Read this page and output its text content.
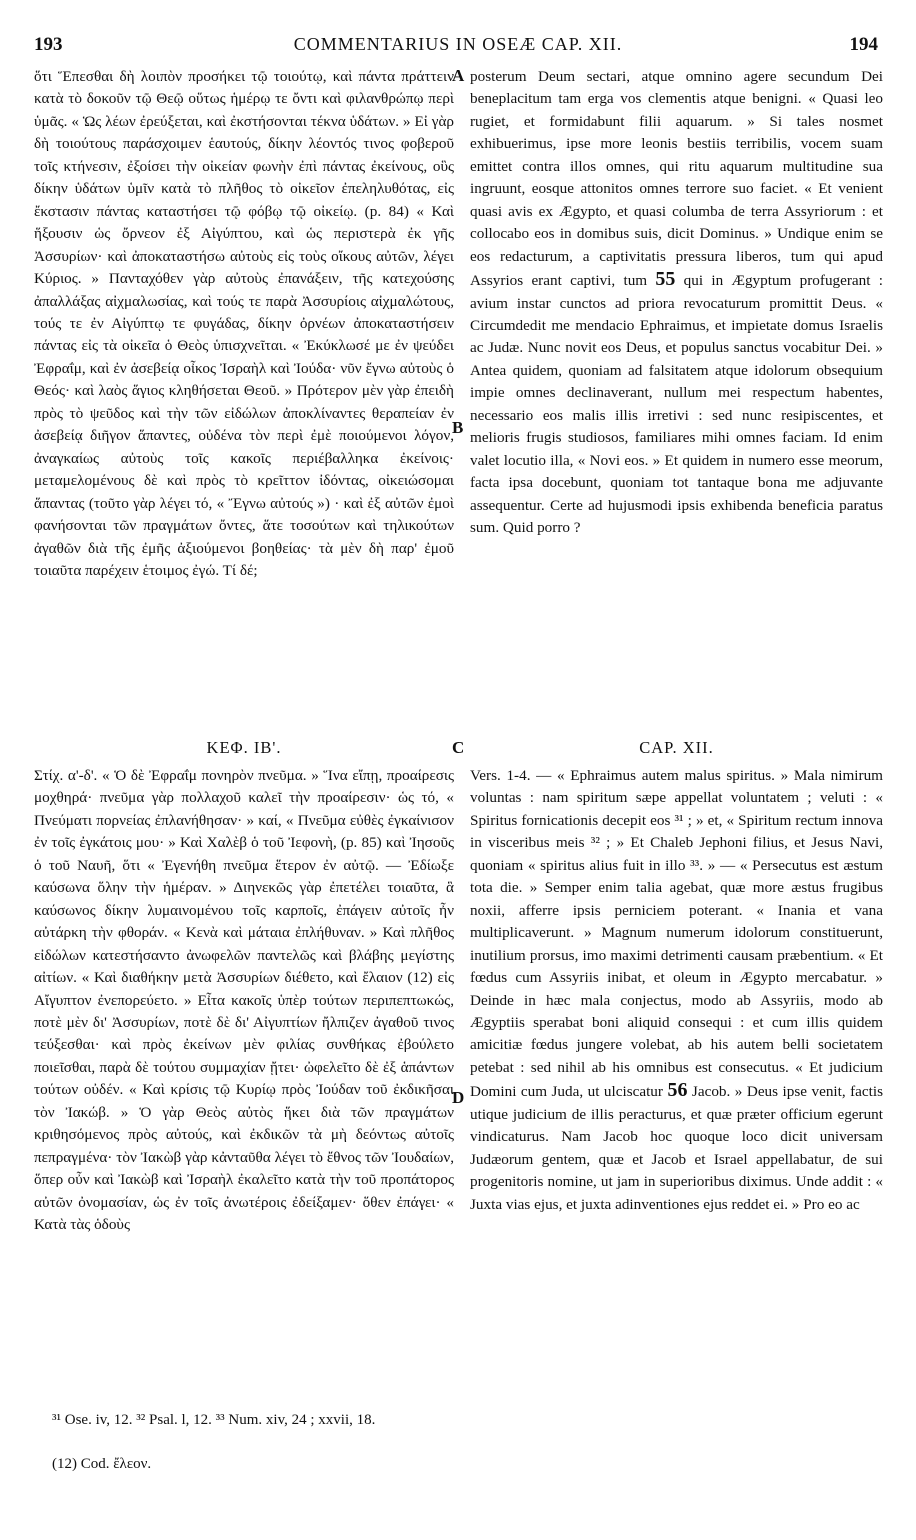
193	COMMENTARIUS IN OSEÆ CAP. XII.	194

ὅτι Ἕπεσθαι δὴ λοιπὸν προσήκει τῷ τοιούτῳ, καὶ πάντα πράττειν κατὰ τὸ δοκοῦν τῷ Θεῷ οὕτως ἡμέρῳ τε ὄντι καὶ φιλανθρώπῳ περὶ ὑμᾶς. « Ὡς λέων ἐρεύξεται, καὶ ἐκστήσονται τέκνα ὑδάτων. » Εἰ γὰρ δὴ τοιούτους παράσχοιμεν ἑαυτούς, δίκην λέοντός τινος φοβεροῦ τοῖς κτήνεσιν, ἐξοίσει τὴν οἰκείαν φωνὴν ἐπὶ πάντας ἐκείνους, οὓς δίκην ὑδάτων ὑμῖν κατὰ τὸ πλῆθος τὸ οἰκεῖον ἐπεληλυθότας, εἰς ἔκστασιν πάντας καταστήσει τῷ φόβῳ τῷ οἰκείῳ. (p. 84) « Καὶ ἥξουσιν ὡς ὄρνεον ἐξ Αἰγύπτου, καὶ ὡς περιστερὰ ἐκ γῆς Ἀσσυρίων· καὶ ἀποκαταστήσω αὐτοὺς εἰς τοὺς οἴκους αὐτῶν, λέγει Κύριος. » Πανταχόθεν γὰρ αὐτοὺς ἐπανάξειν, τῆς κατεχούσης ἀπαλλάξας αἰχμαλωσίας, καὶ τούς τε παρὰ Ἀσσυρίοις αἰχμαλώτους, τούς τε ἐν Αἰγύπτῳ τε φυγάδας, δίκην ὀρνέων ἀποκαταστήσειν πάντας εἰς τὰ οἰκεῖα ὁ Θεὸς ὑπισχνεῖται. « Ἐκύκλωσέ με ἐν ψεύδει Ἐφραΐμ, καὶ ἐν ἀσεβείᾳ οἶκος Ἰσραὴλ καὶ Ἰούδα· νῦν ἔγνω αὐτοὺς ὁ Θεός· καὶ λαὸς ἅγιος κληθήσεται Θεοῦ. » Πρότερον μὲν γὰρ ἐπειδὴ πρὸς τὸ ψεῦδος καὶ τὴν τῶν εἰδώλων ἀποκλίναντες θεραπείαν ἐν ἀσεβείᾳ διῆγον ἅπαντες, οὐδένα τὸν περὶ ἐμὲ ποιούμενοι λόγον, ἀναγκαίως αὐτοὺς τοῖς κακοῖς περιέβαλληκα ἐκείνοις· μεταμελομένους δὲ καὶ πρὸς τὸ κρεῖττον ἰδόντας, οἰκειώσομαι ἅπαντας (τοῦτο γὰρ λέγει τό, « Ἔγνω αὐτούς ») · καὶ ἐξ αὐτῶν ἐμοὶ φανήσονται τῶν πραγμάτων ὄντες, ἅτε τοσούτων καὶ τηλικούτων ἀγαθῶν διὰ τῆς ἐμῆς ἀξιούμενοι βοηθείας· τὰ μὲν δὴ παρ' ἐμοῦ τοιαῦτα παρέχειν ἑτοιμος ἐγώ. Τί δέ;

posterum Deum sectari, atque omnino agere secundum Dei beneplacitum tam erga vos clementis atque benigni. « Quasi leo rugiet, et formidabunt filii aquarum. » Si tales nosmet exhibuerimus, ipse more leonis bestiis terribilis, vocem suam emittet contra illos omnes, qui ritu aquarum multitudine sua ingruunt, eosque attonitos omnes terrore suo faciet. « Et venient quasi avis ex Ægypto, et quasi columba de terra Assyriorum : et collocabo eos in domibus suis, dicit Dominus. » Undique enim se eos redacturum, a captivitatis pressura liberos, tum qui apud Assyrios erant captivi, tum 55 qui in Ægyptum profugerant : avium instar cunctos ad priora revocaturum promittit Deus. « Circumdedit me mendacio Ephraimus, et impietate domus Israelis ac Judæ. Nunc novit eos Deus, et populus sanctus vocabitur Dei. » Antea quidem, quoniam ad falsitatem atque idolorum obsequium impie omnes declinaverant, nullum mei respectum habentes, necessario eos malis illis irretivi : sed nunc resipiscentes, et melioris frugis studiosos, familiares mihi omnes faciam. Id enim valet locutio illa, « Novi eos. » Et quidem in numero esse meorum, facta ipsa docebunt, quoniam tot tantaque bona me adjuvante assequentur. Certe ad hujusmodi ipsis exhibenda beneficia paratus sum. Quid porro ?

A
B
C
D
ΚΕΦ. ΙΒ'.	CAP. XII.

Στίχ. α'-δ'. « Ὁ δὲ Ἐφραΐμ πονηρὸν πνεῦμα. » Ἵνα εἴπῃ, προαίρεσις μοχθηρά· πνεῦμα γὰρ πολλαχοῦ καλεῖ τὴν προαίρεσιν· ὡς τό, « Πνεύματι πορνείας ἐπλανήθησαν· » καί, « Πνεῦμα εὐθὲς ἐγκαίνισον ἐν τοῖς ἐγκάτοις μου· » Καὶ Χαλὲβ ὁ τοῦ Ἰεφονὴ, (p. 85) καὶ Ἰησοῦς ὁ τοῦ Ναυῆ, ὅτι « Ἐγενήθη πνεῦμα ἕτερον ἐν αὐτῷ. — Ἐδίωξε καύσωνα ὅλην τὴν ἡμέραν. » Διηνεκῶς γὰρ ἐπετέλει τοιαῦτα, ἃ καύσωνος δίκην λυμαινομένου τοῖς καρποῖς, ἐπάγειν αὐτοῖς ἦν αὐτάρκη τὴν φθοράν. « Κενὰ καὶ μάταια ἐπλήθυναν. » Καὶ πλῆθος εἰδώλων κατεστήσαντο ἀνωφελῶν παντελῶς καὶ βλάβης μεγίστης αἰτίων. « Καὶ διαθήκην μετὰ Ἀσσυρίων διέθετο, καὶ ἔλαιον (12) εἰς Αἴγυπτον ἐνεπορεύετο. » Εἶτα κακοῖς ὑπὲρ τούτων περιπεπτωκώς, ποτὲ μὲν δι' Ἀσσυρίων, ποτὲ δὲ δι' Αἰγυπτίων ἤλπιζεν ἀγαθοῦ τινος τεύξεσθαι· καὶ πρὸς ἐκείνων μὲν φιλίας συνθήκας ἐβούλετο ποιεῖσθαι, παρὰ δὲ τούτου συμμαχίαν ᾔτει· ὠφελεῖτο δὲ ἐξ ἁπάντων τούτων οὐδέν. « Καὶ κρίσις τῷ Κυρίῳ πρὸς Ἰούδαν τοῦ ἐκδικῆσαι τὸν Ἰακώβ. » Ὁ γὰρ Θεὸς αὐτὸς ἥκει διὰ τῶν πραγμάτων κριθησόμενος πρὸς αὐτούς, καὶ ἐκδικῶν τὰ μὴ δεόντως αὐτοῖς πεπραγμένα· τὸν Ἰακὼβ γὰρ κἀνταῦθα λέγει τὸ ἔθνος τῶν Ἰουδαίων, ὅπερ οὖν καὶ Ἰακὼβ καὶ Ἰσραὴλ ἐκαλεῖτο κατὰ τὴν τοῦ προπάτορος αὐτῶν ὀνομασίαν, ὡς ἐν τοῖς ἀνωτέροις ἐδείξαμεν· ὅθεν ἐπάγει· « Κατὰ τὰς ὁδοὺς

Vers. 1-4. — « Ephraimus autem malus spiritus. » Mala nimirum voluntas : nam spiritum sæpe appellat voluntatem ; veluti : « Spiritus fornicationis decepit eos ³¹ ; » et, « Spiritum rectum innova in visceribus meis ³² ; » Et Chaleb Jephoni filius, et Jesus Navi, quoniam « spiritus alius fuit in illo ³³. » — « Persecutus est æstum tota die. » Semper enim talia agebat, quæ more æstus frugibus noxii, afferre ipsis perniciem poterant. « Inania et vana multiplicaverunt. » Magnum numerum idolorum constituerunt, inutilium prorsus, imo maximi detrimenti causam præbentium. « Et fœdus cum Assyriis inibat, et oleum in Ægypto mercabatur. » Deinde in hæc mala conjectus, modo ab Assyriis, modo ab Ægyptiis sperabat boni aliquid consequi : et cum illis quidem amicitiæ fœdus jungere volebat, ab his autem belli societatem petebat : sed nihil ab his omnibus est consecutus. « Et judicium Domini cum Juda, ut ulciscatur 56 Jacob. » Deus ipse venit, factis utique judicium de illis peracturus, et quæ præter officium egerunt vindicaturus. Nam Jacob hoc quoque loco dicit universam Judæorum gentem, quæ et Jacob et Israel appellabatur, de sui progenitoris nomine, ut jam in superioribus diximus. Unde addit : « Juxta vias ejus, et juxta adinventiones ejus reddet ei. » Pro eo ac

³¹ Ose. iv, 12. ³² Psal. l, 12. ³³ Num. xiv, 24 ; xxvii, 18.
(12) Cod. ἔλεον.
